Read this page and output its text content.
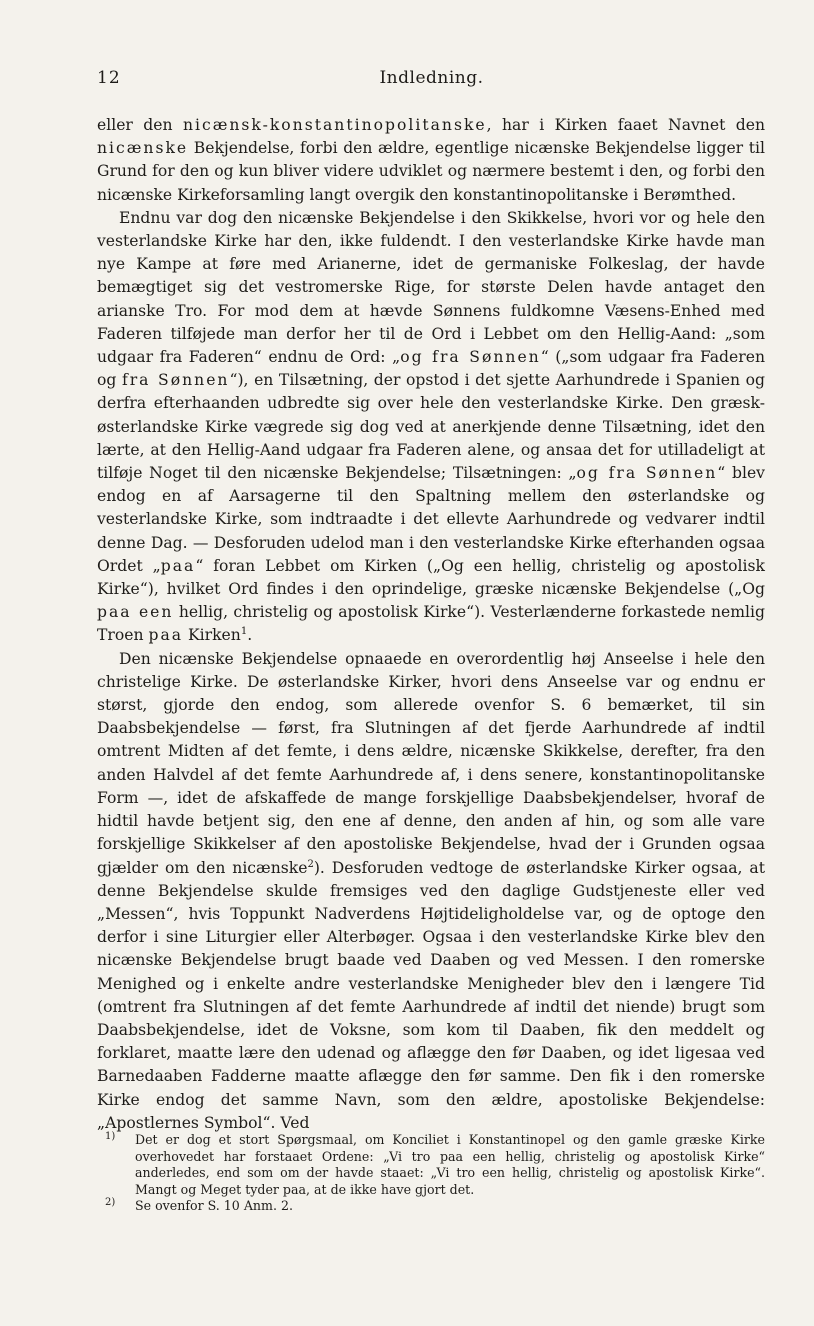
12	Indledning.

eller den nicænsk-konstantinopolitanske, har i Kirken faaet Navnet den nicænske Bekjendelse, forbi den ældre, egentlige nicænske Bekjendelse ligger til Grund for den og kun bliver videre udviklet og nærmere bestemt i den, og forbi den nicænske Kirkeforsamling langt overgik den konstantinopolitanske i Berømthed.

Endnu var dog den nicænske Bekjendelse i den Skikkelse, hvori vor og hele den vesterlandske Kirke har den, ikke fuldendt. I den vesterlandske Kirke havde man nye Kampe at føre med Arianerne, idet de germaniske Folkeslag, der havde bemægtiget sig det vestromerske Rige, for største Delen havde antaget den arianske Tro. For mod dem at hævde Sønnens fuldkomne Væsens-Enhed med Faderen tilføjede man derfor her til de Ord i Lebbet om den Hellig-Aand: „som udgaar fra Faderen“ endnu de Ord: „og fra Sønnen“ („som udgaar fra Faderen og fra Sønnen“), en Tilsætning, der opstod i det sjette Aarhundrede i Spanien og derfra efterhaanden udbredte sig over hele den vesterlandske Kirke. Den græsk-østerlandske Kirke vægrede sig dog ved at anerkjende denne Tilsætning, idet den lærte, at den Hellig-Aand udgaar fra Faderen alene, og ansaa det for utilladeligt at tilføje Noget til den nicænske Bekjendelse; Tilsætningen: „og fra Sønnen“ blev endog en af Aarsagerne til den Spaltning mellem den østerlandske og vesterlandske Kirke, som indtraadte i det ellevte Aarhundrede og vedvarer indtil denne Dag. — Desforuden udelod man i den vesterlandske Kirke efterhanden ogsaa Ordet „paa“ foran Lebbet om Kirken („Og een hellig, christelig og apostolisk Kirke“), hvilket Ord findes i den oprindelige, græske nicænske Bekjendelse („Og paa een hellig, christelig og apostolisk Kirke“). Vesterlænderne forkastede nemlig Troen paa Kirken$^1$.

Den nicænske Bekjendelse opnaaede en overordentlig høj Anseelse i hele den christelige Kirke. De østerlandske Kirker, hvori dens Anseelse var og endnu er størst, gjorde den endog, som allerede ovenfor S. 6 bemærket, til sin Daabsbekjendelse — først, fra Slutningen af det fjerde Aarhundrede af indtil omtrent Midten af det femte, i dens ældre, nicænske Skikkelse, derefter, fra den anden Halvdel af det femte Aarhundrede af, i dens senere, konstantinopolitanske Form —, idet de afskaffede de mange forskjellige Daabsbekjendelser, hvoraf de hidtil havde betjent sig, den ene af denne, den anden af hin, og som alle vare forskjellige Skikkelser af den apostoliske Bekjendelse, hvad der i Grunden ogsaa gjælder om den nicænske$^2$). Desforuden vedtoge de østerlandske Kirker ogsaa, at denne Bekjendelse skulde fremsiges ved den daglige Gudstjeneste eller ved „Messen“, hvis Toppunkt Nadverdens Højtideligholdelse var, og de optoge den derfor i sine Liturgier eller Alterbøger. Ogsaa i den vesterlandske Kirke blev den nicænske Bekjendelse brugt baade ved Daaben og ved Messen. I den romerske Menighed og i enkelte andre vesterlandske Menigheder blev den i længere Tid (omtrent fra Slutningen af det femte Aarhundrede af indtil det niende) brugt som Daabsbekjendelse, idet de Voksne, som kom til Daaben, fik den meddelt og forklaret, maatte lære den udenad og aflægge den før Daaben, og idet ligesaa ved Barnedaaben Fadderne maatte aflægge den før samme. Den fik i den romerske Kirke endog det samme Navn, som den ældre, apostoliske Bekjendelse: „Apostlernes Symbol“. Ved

1) Det er dog et stort Spørgsmaal, om Konciliet i Konstantinopel og den gamle græske Kirke overhovedet har forstaaet Ordene: „Vi tro paa een hellig, christelig og apostolisk Kirke“ anderledes, end som om der havde staaet: „Vi tro een hellig, christelig og apostolisk Kirke“. Mangt og Meget tyder paa, at de ikke have gjort det.

2) Se ovenfor S. 10 Anm. 2.
